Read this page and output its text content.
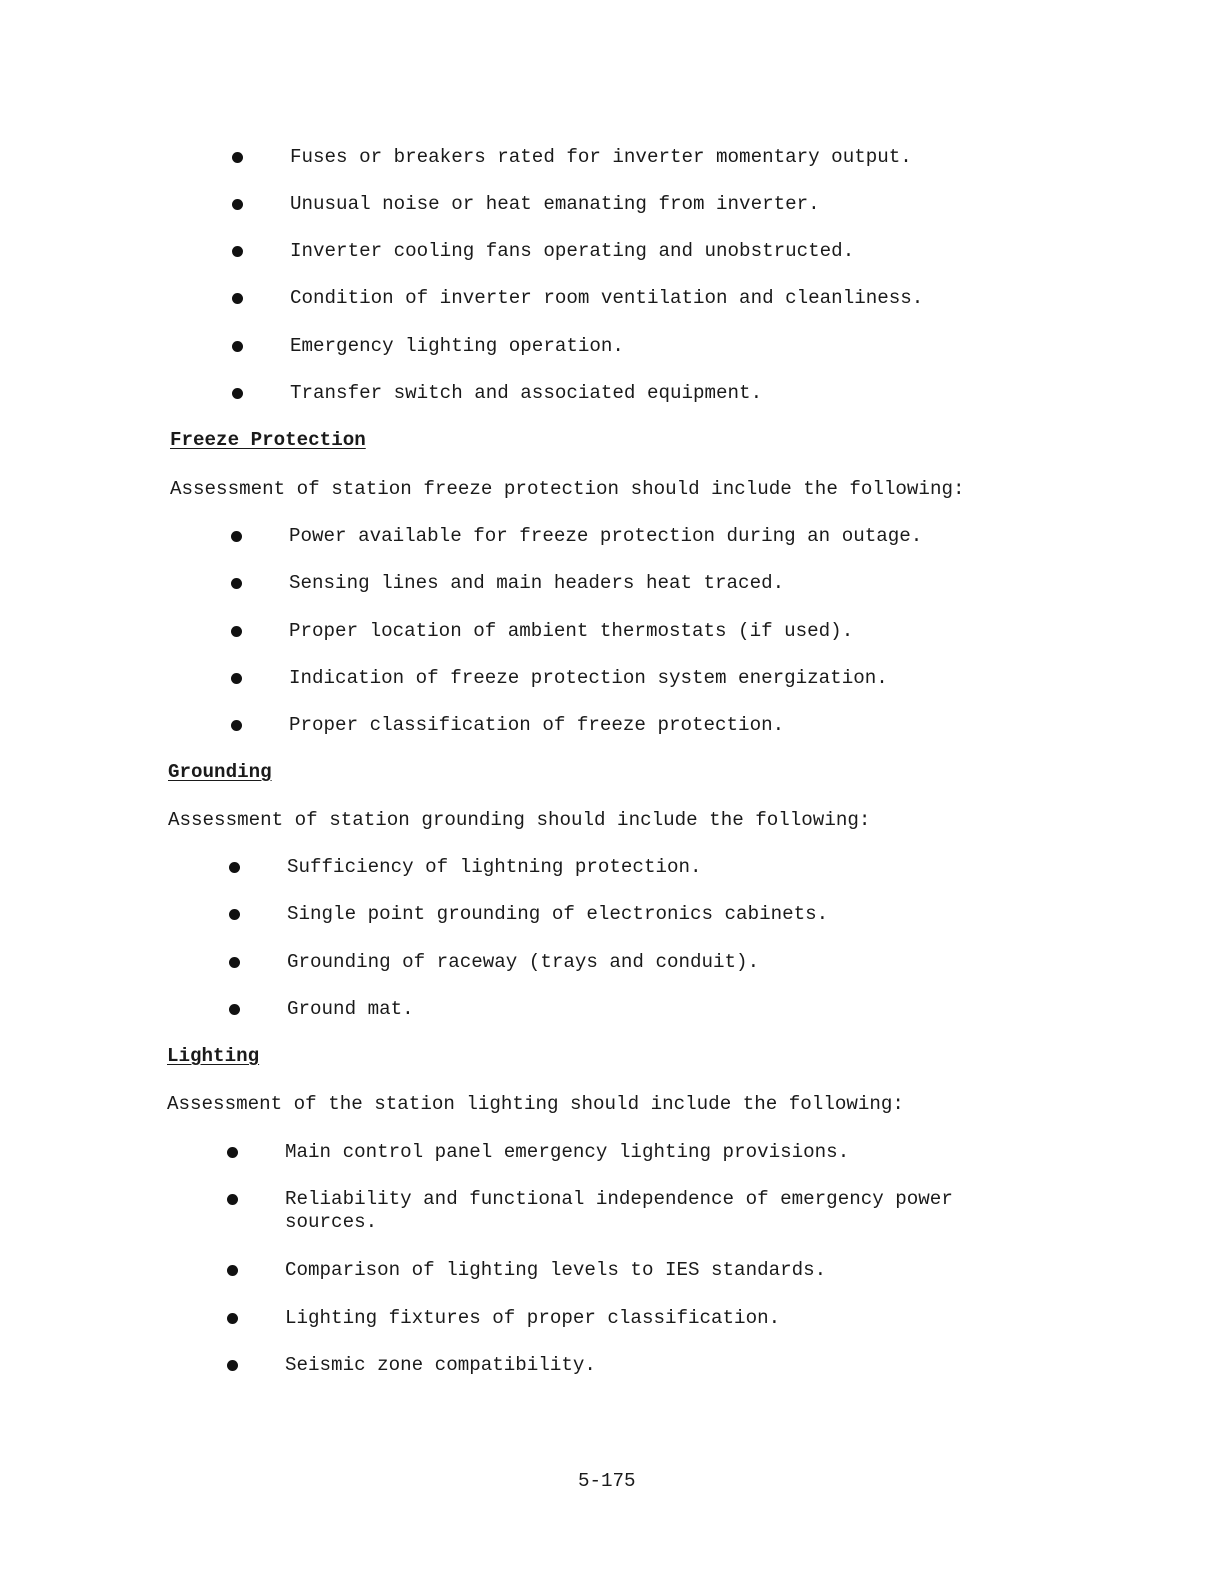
Fuses or breakers rated for inverter momentary output.
Unusual noise or heat emanating from inverter.
Inverter cooling fans operating and unobstructed.
Condition of inverter room ventilation and cleanliness.
Emergency lighting operation.
Transfer switch and associated equipment.
Freeze Protection
Assessment of station freeze protection should include the following:
Power available for freeze protection during an outage.
Sensing lines and main headers heat traced.
Proper location of ambient thermostats (if used).
Indication of freeze protection system energization.
Proper classification of freeze protection.
Grounding
Assessment of station grounding should include the following:
Sufficiency of lightning protection.
Single point grounding of electronics cabinets.
Grounding of raceway (trays and conduit).
Ground mat.
Lighting
Assessment of the station lighting should include the following:
Main control panel emergency lighting provisions.
Reliability and functional independence of emergency power
sources.
Comparison of lighting levels to IES standards.
Lighting fixtures of proper classification.
Seismic zone compatibility.
5-175
